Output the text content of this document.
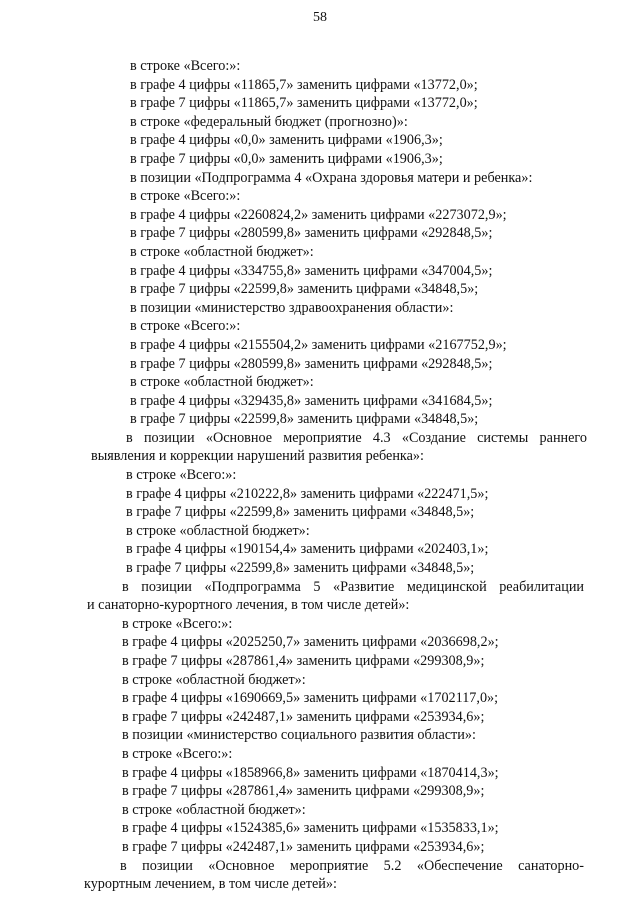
58
в строке «Всего:»:
в графе 4 цифры «11865,7» заменить цифрами «13772,0»;
в графе 7 цифры «11865,7» заменить цифрами «13772,0»;
в строке «федеральный бюджет (прогнозно)»:
в графе 4 цифры «0,0» заменить цифрами «1906,3»;
в графе 7 цифры «0,0» заменить цифрами «1906,3»;
в позиции «Подпрограмма 4 «Охрана здоровья матери и ребенка»:
в строке «Всего:»:
в графе 4 цифры «2260824,2» заменить цифрами «2273072,9»;
в графе 7 цифры «280599,8» заменить цифрами «292848,5»;
в строке «областной бюджет»:
в графе 4 цифры «334755,8» заменить цифрами «347004,5»;
в графе 7 цифры «22599,8» заменить цифрами «34848,5»;
в позиции «министерство здравоохранения области»:
в строке «Всего:»:
в графе 4 цифры «2155504,2» заменить цифрами «2167752,9»;
в графе 7 цифры «280599,8» заменить цифрами «292848,5»;
в строке «областной бюджет»:
в графе 4 цифры «329435,8» заменить цифрами «341684,5»;
в графе 7 цифры «22599,8» заменить цифрами «34848,5»;
в позиции «Основное мероприятие 4.3 «Создание системы раннего
выявления и коррекции нарушений развития ребенка»:
в строке «Всего:»:
в графе 4 цифры «210222,8» заменить цифрами «222471,5»;
в графе 7 цифры «22599,8» заменить цифрами «34848,5»;
в строке «областной бюджет»:
в графе 4 цифры «190154,4» заменить цифрами «202403,1»;
в графе 7 цифры «22599,8» заменить цифрами «34848,5»;
в позиции «Подпрограмма 5 «Развитие медицинской реабилитации
и санаторно-курортного лечения, в том числе детей»:
в строке «Всего:»:
в графе 4 цифры «2025250,7» заменить цифрами «2036698,2»;
в графе 7 цифры «287861,4» заменить цифрами «299308,9»;
в строке «областной бюджет»:
в графе 4 цифры «1690669,5» заменить цифрами «1702117,0»;
в графе 7 цифры «242487,1» заменить цифрами «253934,6»;
в позиции «министерство социального развития области»:
в строке «Всего:»:
в графе 4 цифры «1858966,8» заменить цифрами «1870414,3»;
в графе 7 цифры «287861,4» заменить цифрами «299308,9»;
в строке «областной бюджет»:
в графе 4 цифры «1524385,6» заменить цифрами «1535833,1»;
в графе 7 цифры «242487,1» заменить цифрами «253934,6»;
в позиции «Основное мероприятие 5.2 «Обеспечение санаторно-
курортным лечением, в том числе детей»:
